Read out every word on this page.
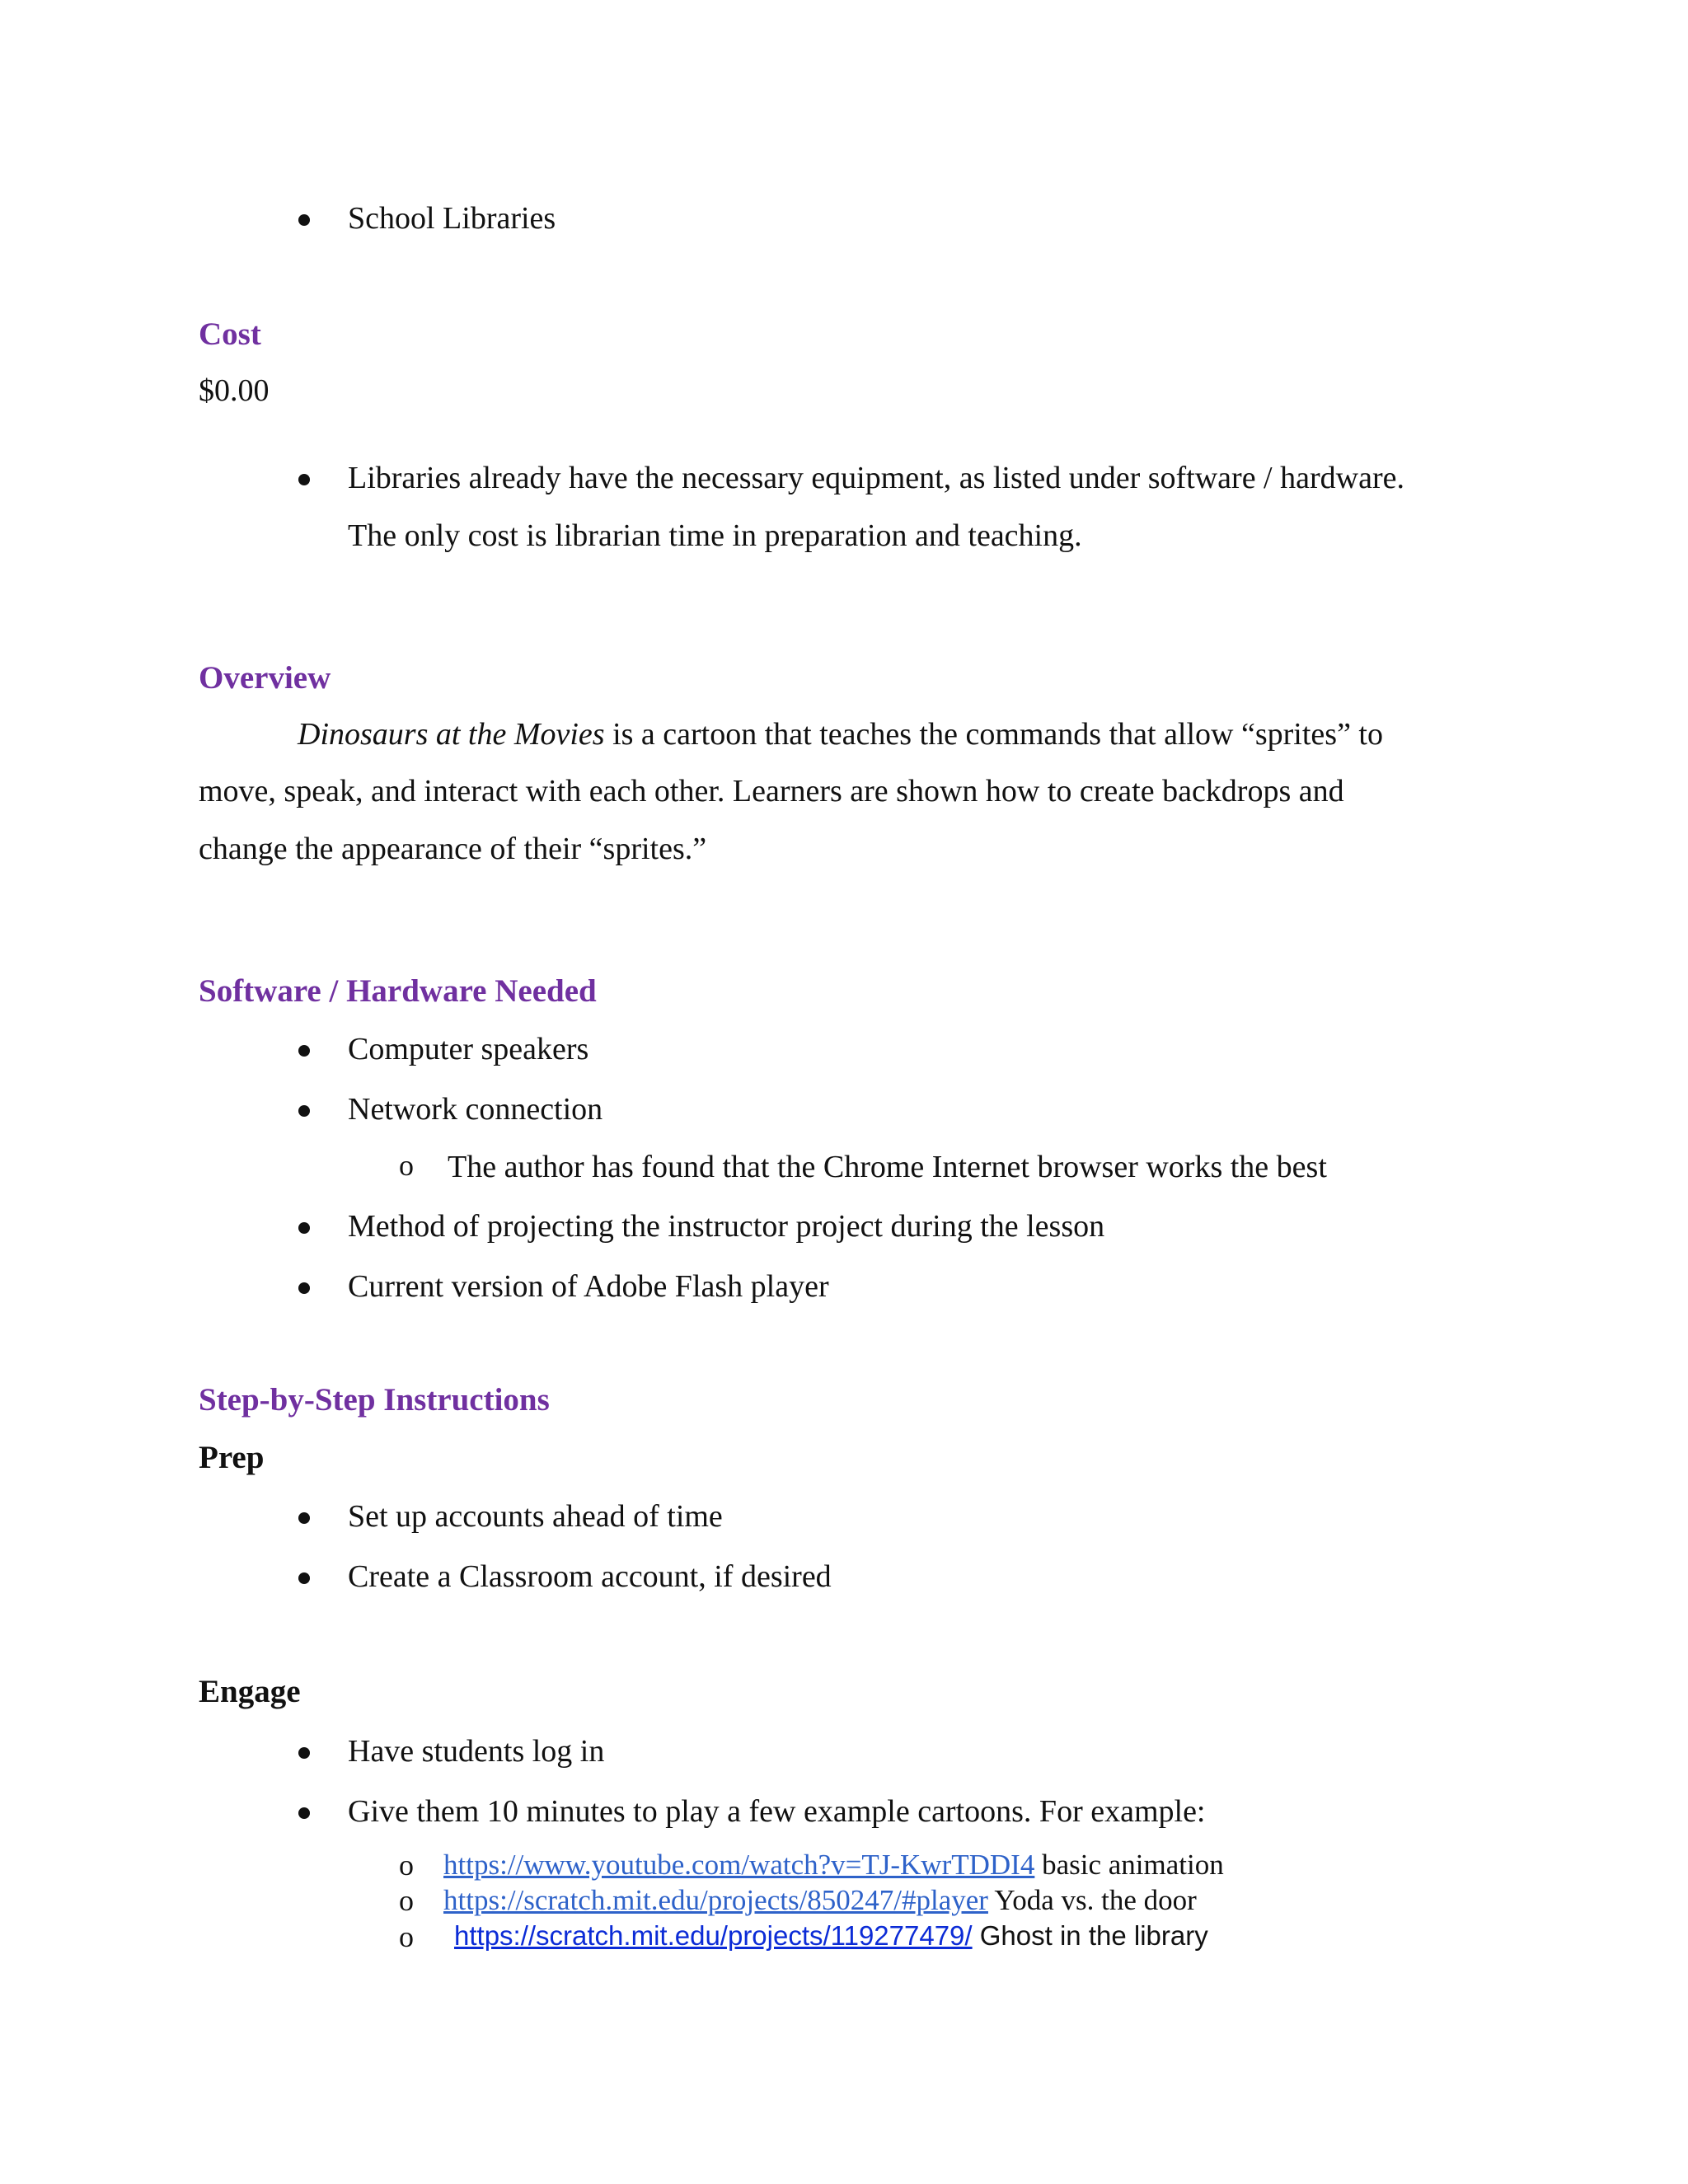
School Libraries
Cost
$0.00
Libraries already have the necessary equipment, as listed under software / hardware.
The only cost is librarian time in preparation and teaching.
Overview
Dinosaurs at the Movies is a cartoon that teaches the commands that allow “sprites” to
move, speak, and interact with each other. Learners are shown how to create backdrops and
change the appearance of their “sprites.”
Software / Hardware Needed
Computer speakers
Network connection
o The author has found that the Chrome Internet browser works the best
Method of projecting the instructor project during the lesson
Current version of Adobe Flash player
Step-by-Step Instructions
Prep
Set up accounts ahead of time
Create a Classroom account, if desired
Engage
Have students log in
Give them 10 minutes to play a few example cartoons. For example:
o https://www.youtube.com/watch?v=TJ-KwrTDDI4 basic animation
o https://scratch.mit.edu/projects/850247/#player Yoda vs. the door
o https://scratch.mit.edu/projects/119277479/ Ghost in the library
